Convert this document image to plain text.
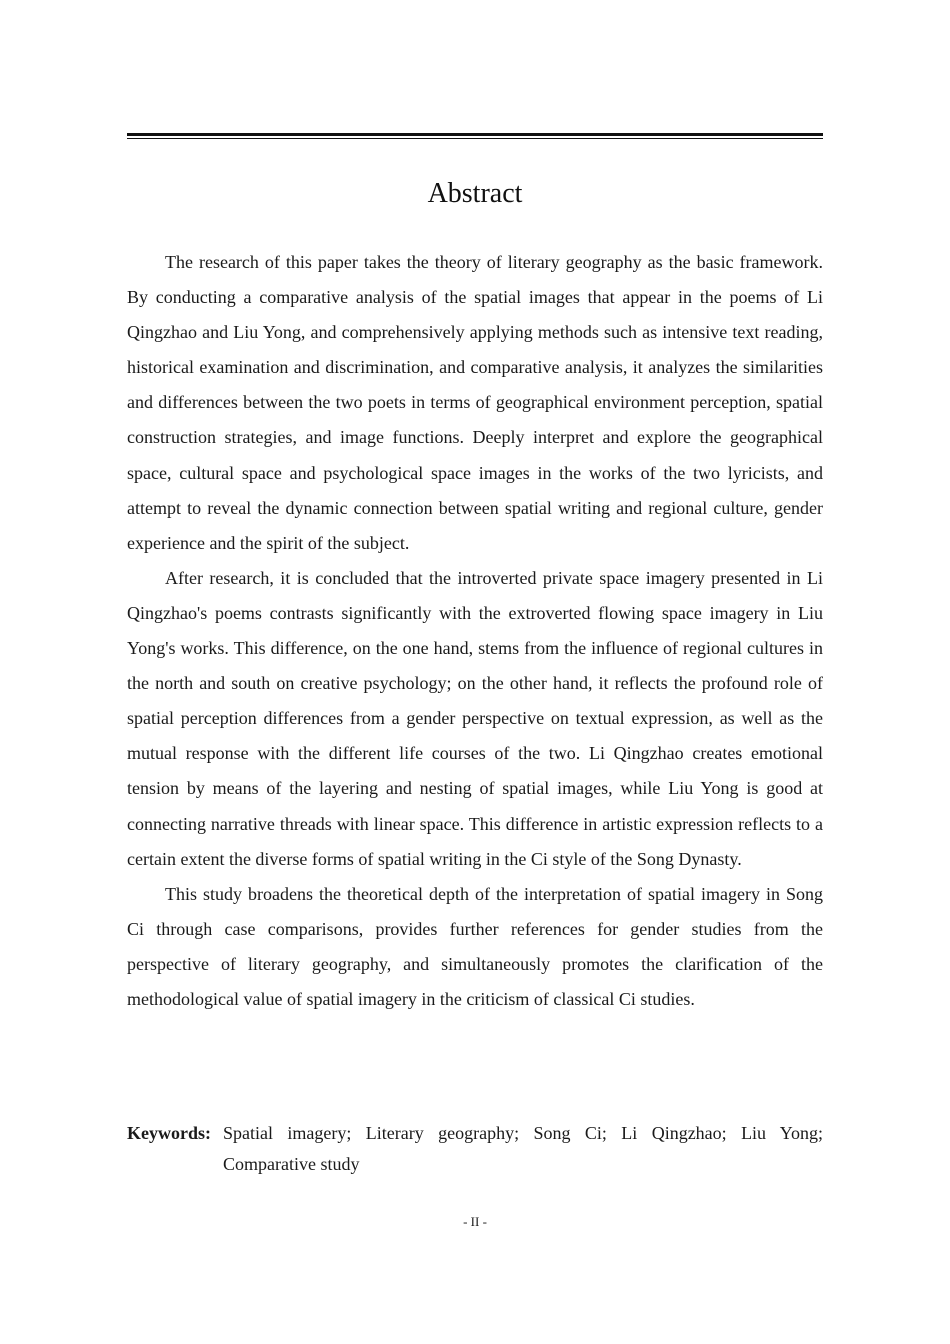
Abstract

The research of this paper takes the theory of literary geography as the basic framework. By conducting a comparative analysis of the spatial images that appear in the poems of Li Qingzhao and Liu Yong, and comprehensively applying methods such as intensive text reading, historical examination and discrimination, and comparative analysis, it analyzes the similarities and differences between the two poets in terms of geographical environment perception, spatial construction strategies, and image functions. Deeply interpret and explore the geographical space, cultural space and psychological space images in the works of the two lyricists, and attempt to reveal the dynamic connection between spatial writing and regional culture, gender experience and the spirit of the subject.

After research, it is concluded that the introverted private space imagery presented in Li Qingzhao's poems contrasts significantly with the extroverted flowing space imagery in Liu Yong's works. This difference, on the one hand, stems from the influence of regional cultures in the north and south on creative psychology; on the other hand, it reflects the profound role of spatial perception differences from a gender perspective on textual expression, as well as the mutual response with the different life courses of the two. Li Qingzhao creates emotional tension by means of the layering and nesting of spatial images, while Liu Yong is good at connecting narrative threads with linear space. This difference in artistic expression reflects to a certain extent the diverse forms of spatial writing in the Ci style of the Song Dynasty.

This study broadens the theoretical depth of the interpretation of spatial imagery in Song Ci through case comparisons, provides further references for gender studies from the perspective of literary geography, and simultaneously promotes the clarification of the methodological value of spatial imagery in the criticism of classical Ci studies.

Keywords: Spatial imagery; Literary geography; Song Ci; Li Qingzhao; Liu Yong; Comparative study
- II -
